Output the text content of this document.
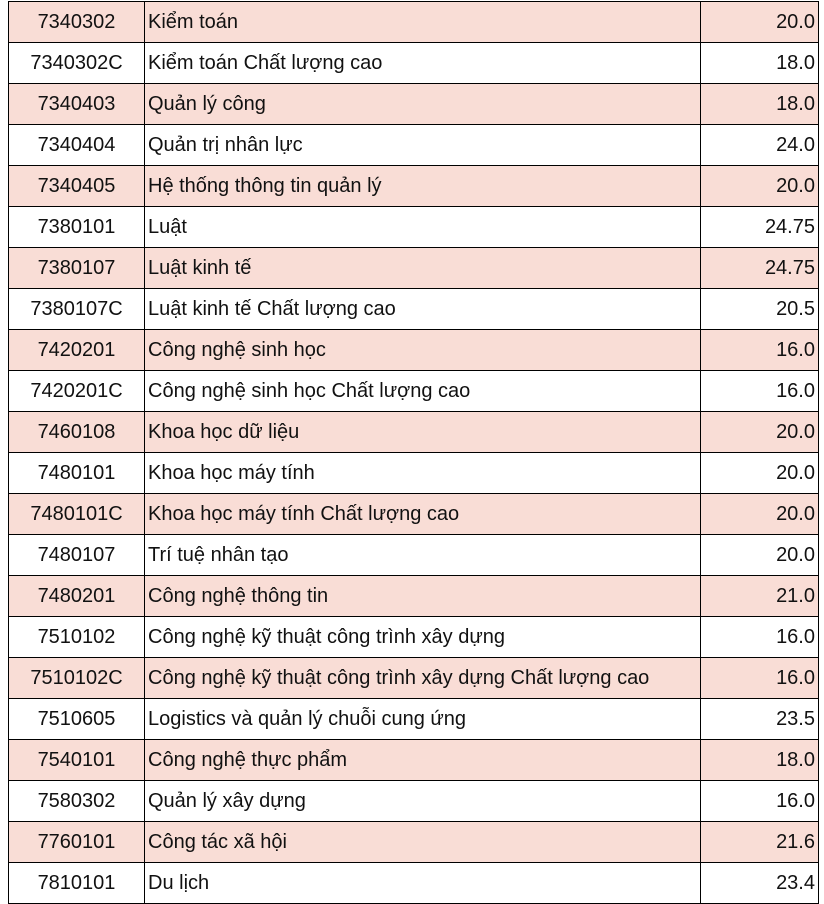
7340302	Kiểm toán	20.0
7340302C	Kiểm toán Chất lượng cao	18.0
7340403	Quản lý công	18.0
7340404	Quản trị nhân lực	24.0
7340405	Hệ thống thông tin quản lý	20.0
7380101	Luật	24.75
7380107	Luật kinh tế	24.75
7380107C	Luật kinh tế Chất lượng cao	20.5
7420201	Công nghệ sinh học	16.0
7420201C	Công nghệ sinh học Chất lượng cao	16.0
7460108	Khoa học dữ liệu	20.0
7480101	Khoa học máy tính	20.0
7480101C	Khoa học máy tính Chất lượng cao	20.0
7480107	Trí tuệ nhân tạo	20.0
7480201	Công nghệ thông tin	21.0
7510102	Công nghệ kỹ thuật công trình xây dựng	16.0
7510102C	Công nghệ kỹ thuật công trình xây dựng Chất lượng cao	16.0
7510605	Logistics và quản lý chuỗi cung ứng	23.5
7540101	Công nghệ thực phẩm	18.0
7580302	Quản lý xây dựng	16.0
7760101	Công tác xã hội	21.6
7810101	Du lịch	23.4
